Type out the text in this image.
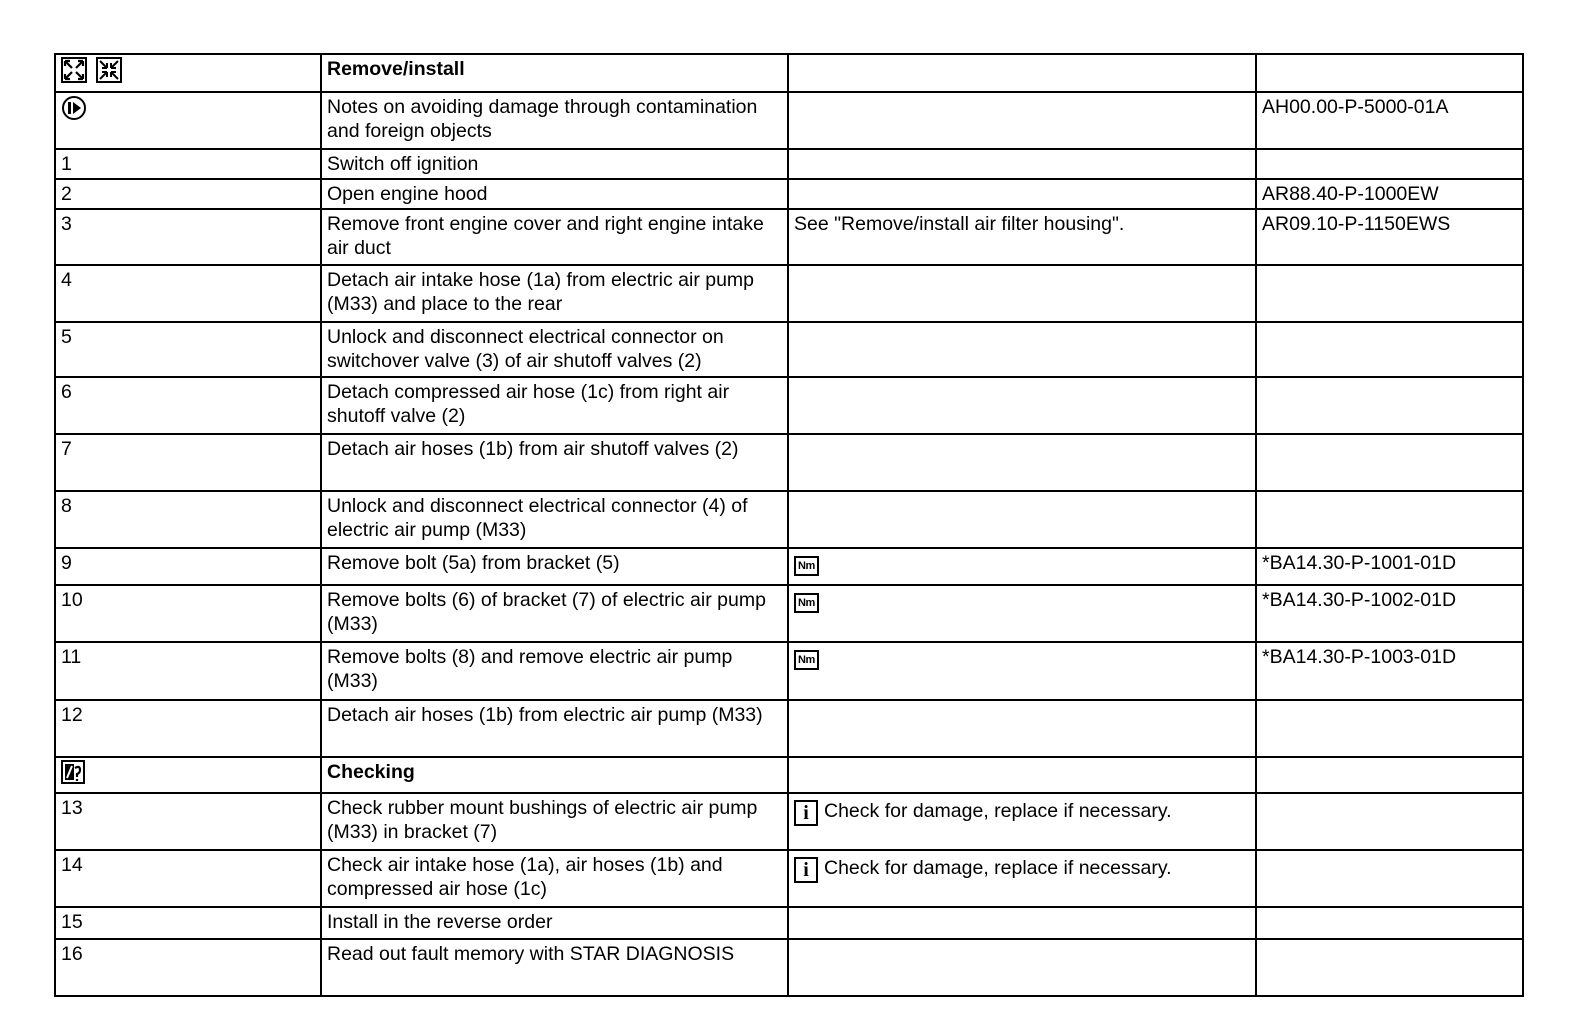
	Remove/install		
	Notes on avoiding damage through contamination and foreign objects		AH00.00-P-5000-01A
1	Switch off ignition		
2	Open engine hood		AR88.40-P-1000EW
3	Remove front engine cover and right engine intake air duct	See "Remove/install air filter housing".	AR09.10-P-1150EWS
4	Detach air intake hose (1a) from electric air pump (M33) and place to the rear		
5	Unlock and disconnect electrical connector on switchover valve (3) of air shutoff valves (2)		
6	Detach compressed air hose (1c) from right air shutoff valve (2)		
7	Detach air hoses (1b) from air shutoff valves (2)		
8	Unlock and disconnect electrical connector (4) of electric air pump (M33)		
9	Remove bolt (5a) from bracket (5)	Nm	*BA14.30-P-1001-01D
10	Remove bolts (6) of bracket (7) of electric air pump (M33)	Nm	*BA14.30-P-1002-01D
11	Remove bolts (8) and remove electric air pump (M33)	Nm	*BA14.30-P-1003-01D
12	Detach air hoses (1b) from electric air pump (M33)		
	Checking		
13	Check rubber mount bushings of electric air pump (M33) in bracket (7)	i Check for damage, replace if necessary.	
14	Check air intake hose (1a), air hoses (1b) and compressed air hose (1c)	i Check for damage, replace if necessary.	
15	Install in the reverse order		
16	Read out fault memory with STAR DIAGNOSIS		
